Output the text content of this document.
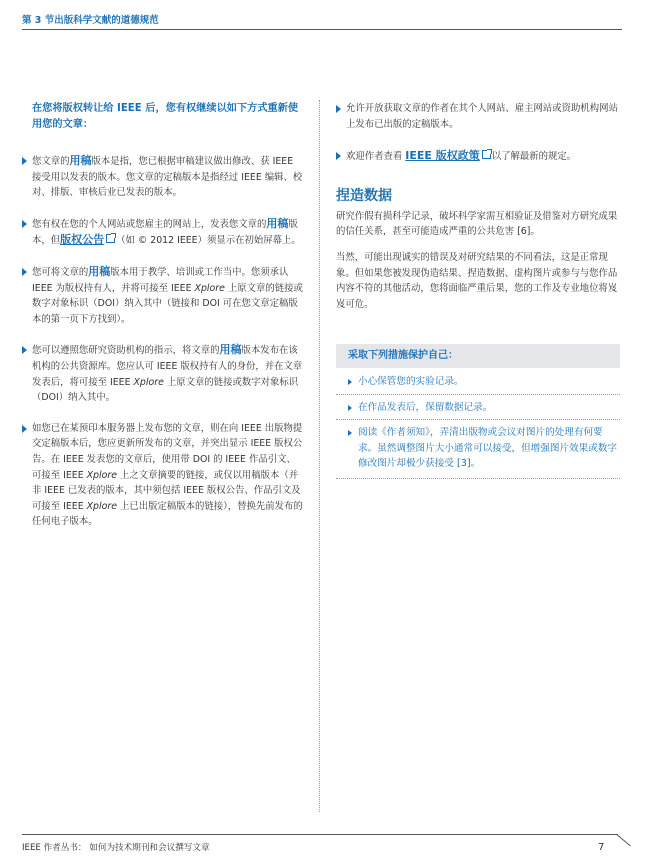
第 3 节出版科学文献的道德规范

在您将版权转让给 IEEE 后，您有权继续以如下方式重新使用您的文章：

您文章的用稿版本是指，您已根据审稿建议做出修改、获 IEEE 接受用以发表的版本。您文章的定稿版本是指经过 IEEE 编辑、校对、排版、审核后业已发表的版本。

您有权在您的个人网站或您雇主的网站上，发表您文章的用稿版本，但版权公告 （如 © 2012 IEEE）须显示在初始屏幕上。

您可将文章的用稿版本用于教学、培训或工作当中。您须承认 IEEE 为版权持有人，并将可接至 IEEE Xplore 上原文章的链接或数字对象标识（DOI）纳入其中（链接和 DOI 可在您文章定稿版本的第一页下方找到）。

您可以遵照您研究资助机构的指示，将文章的用稿版本发布在该机构的公共资源库。您应认可 IEEE 版权持有人的身份，并在文章发表后，将可接至 IEEE Xplore 上原文章的链接或数字对象标识（DOI）纳入其中。

如您已在某预印本服务器上发布您的文章，则在向 IEEE 出版物提交定稿版本后，您应更新所发布的文章，并突出显示 IEEE 版权公告。在 IEEE 发表您的文章后，使用带 DOI 的 IEEE 作品引文、可接至 IEEE Xplore 上之文章摘要的链接，或仅以用稿版本（并非 IEEE 已发表的版本，其中须包括 IEEE 版权公告、作品引文及可接至 IEEE Xplore 上已出版定稿版本的链接），替换先前发布的任何电子版本。

允许开放获取文章的作者在其个人网站、雇主网站或资助机构网站上发布已出版的定稿版本。

欢迎作者查看 IEEE 版权政策 以了解最新的规定。

捏造数据

研究作假有损科学记录，破坏科学家需互相验证及借鉴对方研究成果的信任关系，甚至可能造成严重的公共危害 [6]。

当然，可能出现诚实的错误及对研究结果的不同看法，这是正常现象。但如果您被发现伪造结果、捏造数据、虚构图片或参与与您作品内容不符的其他活动，您将面临严重后果，您的工作及专业地位将岌岌可危。

采取下列措施保护自己：
小心保管您的实验记录。
在作品发表后，保留数据记录。
阅读《作者须知》，弄清出版物或会议对图片的处理有何要求。虽然调整图片大小通常可以接受，但增强图片效果或数字修改图片却极少获接受 [3]。
IEEE 作者丛书： 如何为技术期刊和会议撰写文章	7
